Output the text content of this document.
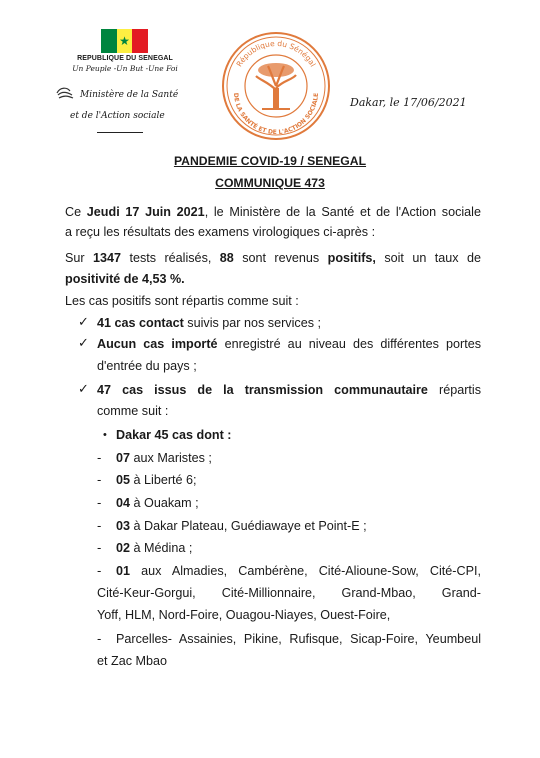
★
REPUBLIQUE DU SENEGAL
Un Peuple -Un But -Une Foi
Ministère de la Santé
et de l'Action sociale
République du Sénégal
DE LA SANTÉ ET DE L'ACTION SOCIALE
Dakar, le 17/06/2021
PANDEMIE COVID-19 / SENEGAL
COMMUNIQUE 473
Ce Jeudi 17 Juin 2021, le Ministère de la Santé et de l'Action sociale
a reçu les résultats des examens virologiques ci-après :
Sur 1347 tests réalisés, 88 sont revenus positifs, soit un taux de
positivité de 4,53 %.
Les cas positifs sont répartis comme suit :
✓ 41 cas contact suivis par nos services ;
✓ Aucun cas importé enregistré au niveau des différentes portes
d'entrée du pays ;
✓ 47 cas issus de la transmission communautaire répartis
comme suit :
• Dakar 45 cas dont :
- 07 aux Maristes ;
- 05 à Liberté 6;
- 04 à Ouakam ;
- 03 à Dakar Plateau, Guédiawaye et Point-E ;
- 02 à Médina ;
- 01 aux Almadies, Cambérène, Cité-Alioune-Sow, Cité-CPI,
Cité-Keur-Gorgui, Cité-Millionnaire, Grand-Mbao, Grand-
Yoff, HLM, Nord-Foire, Ouagou-Niayes, Ouest-Foire,
- Parcelles- Assainies, Pikine, Rufisque, Sicap-Foire, Yeumbeul
et Zac Mbao
